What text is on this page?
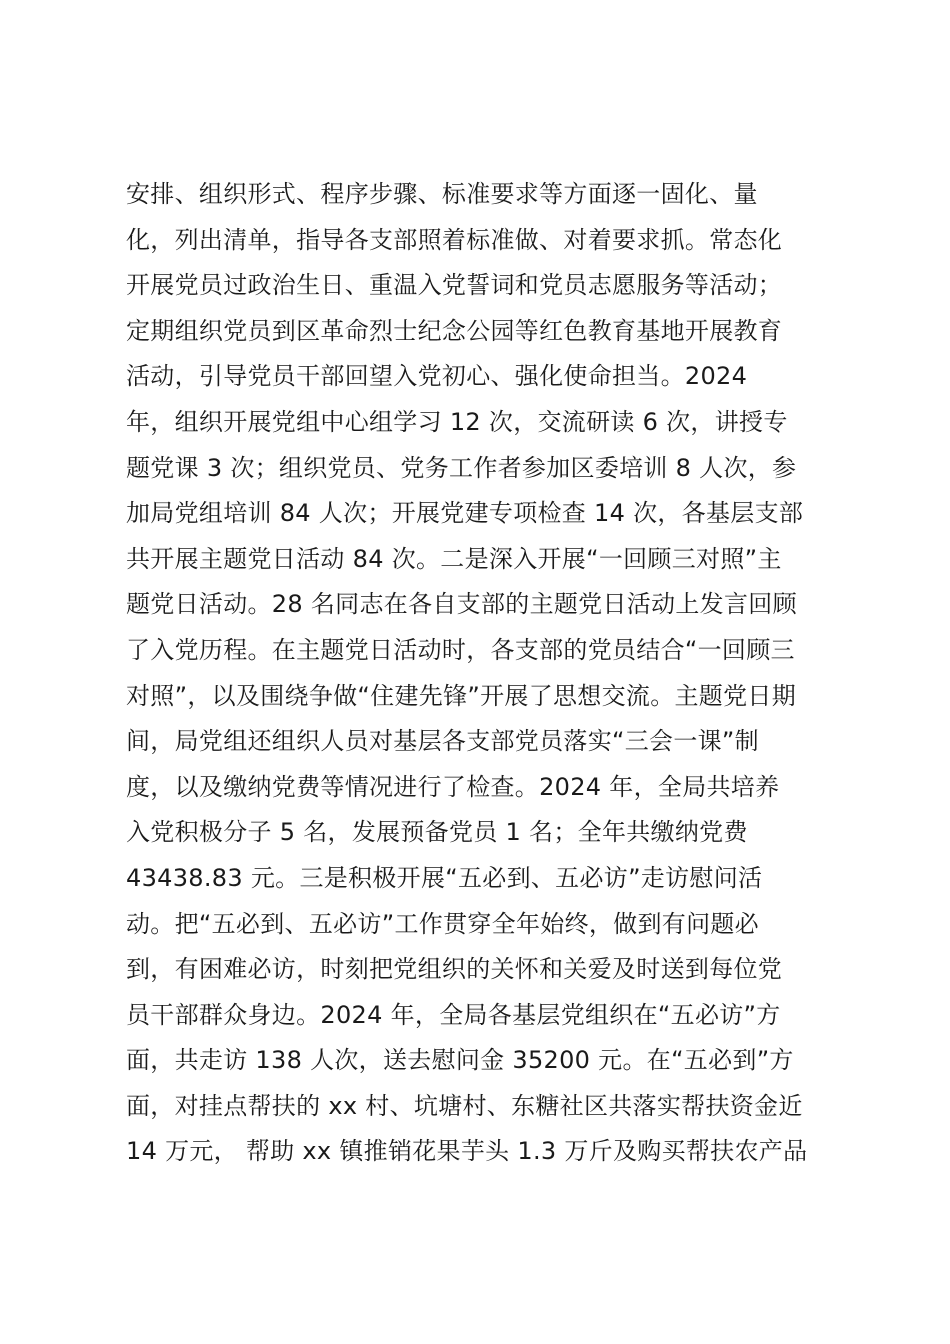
安排、组织形式、程序步骤、标准要求等方面逐一固化、量
化，列出清单，指导各支部照着标准做、对着要求抓。常态化
开展党员过政治生日、重温入党誓词和党员志愿服务等活动；
定期组织党员到区革命烈士纪念公园等红色教育基地开展教育
活动，引导党员干部回望入党初心、强化使命担当。2024
年，组织开展党组中心组学习 12 次，交流研读 6 次，讲授专
题党课 3 次；组织党员、党务工作者参加区委培训 8 人次，参
加局党组培训 84 人次；开展党建专项检查 14 次，各基层支部
共开展主题党日活动 84 次。二是深入开展“一回顾三对照”主
题党日活动。28 名同志在各自支部的主题党日活动上发言回顾
了入党历程。在主题党日活动时，各支部的党员结合“一回顾三
对照”，以及围绕争做“住建先锋”开展了思想交流。主题党日期
间，局党组还组织人员对基层各支部党员落实“三会一课”制
度，以及缴纳党费等情况进行了检查。2024 年，全局共培养
入党积极分子 5 名，发展预备党员 1 名；全年共缴纳党费
43438.83 元。三是积极开展“五必到、五必访”走访慰问活
动。把“五必到、五必访”工作贯穿全年始终，做到有问题必
到，有困难必访，时刻把党组织的关怀和关爱及时送到每位党
员干部群众身边。2024 年，全局各基层党组织在“五必访”方
面，共走访 138 人次，送去慰问金 35200 元。在“五必到”方
面，对挂点帮扶的 xx 村、坑塘村、东糖社区共落实帮扶资金近
14 万元， 帮助 xx 镇推销花果芋头 1.3 万斤及购买帮扶农产品
